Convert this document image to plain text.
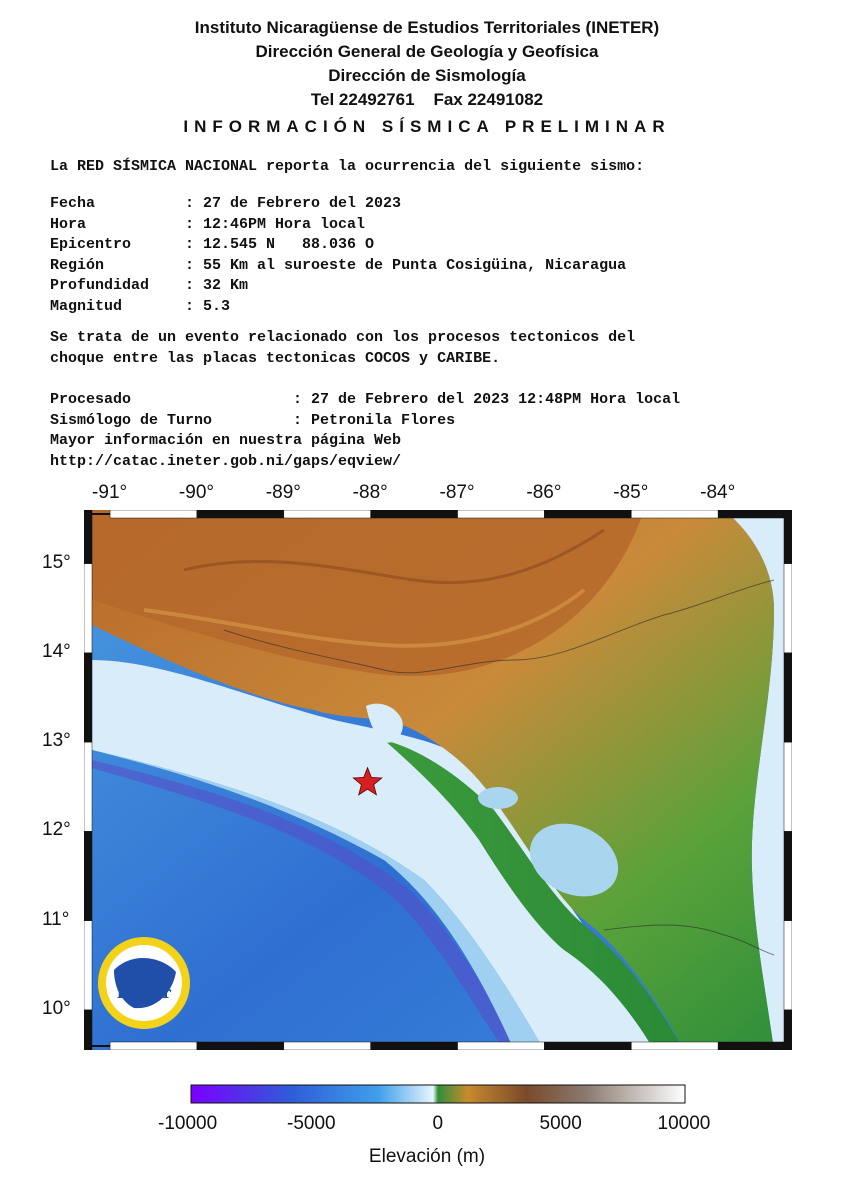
Instituto Nicaragüense de Estudios Territoriales (INETER)
Dirección General de Geología y Geofísica
Dirección de Sismología
Tel 22492761    Fax 22491082
INFORMACIÓN SÍSMICA PRELIMINAR
La RED SÍSMICA NACIONAL reporta la ocurrencia del siguiente sismo:
Fecha          : 27 de Febrero del 2023
Hora           : 12:46PM Hora local
Epicentro      : 12.545 N   88.036 O
Región         : 55 Km al suroeste de Punta Cosigüina, Nicaragua
Profundidad    : 32 Km
Magnitud       : 5.3
Se trata de un evento relacionado con los procesos tectonicos del
choque entre las placas tectonicas COCOS y CARIBE.
Procesado                  : 27 de Febrero del 2023 12:48PM Hora local
Sismólogo de Turno         : Petronila Flores
Mayor información en nuestra página Web
http://catac.ineter.gob.ni/gaps/eqview/
-91°	-90°	-89°	-88°	-87°	-86°	-85°	-84°
15°
14°
13°
12°
11°
10°
ineter
-10000	-5000	0	5000	10000
Elevación (m)
